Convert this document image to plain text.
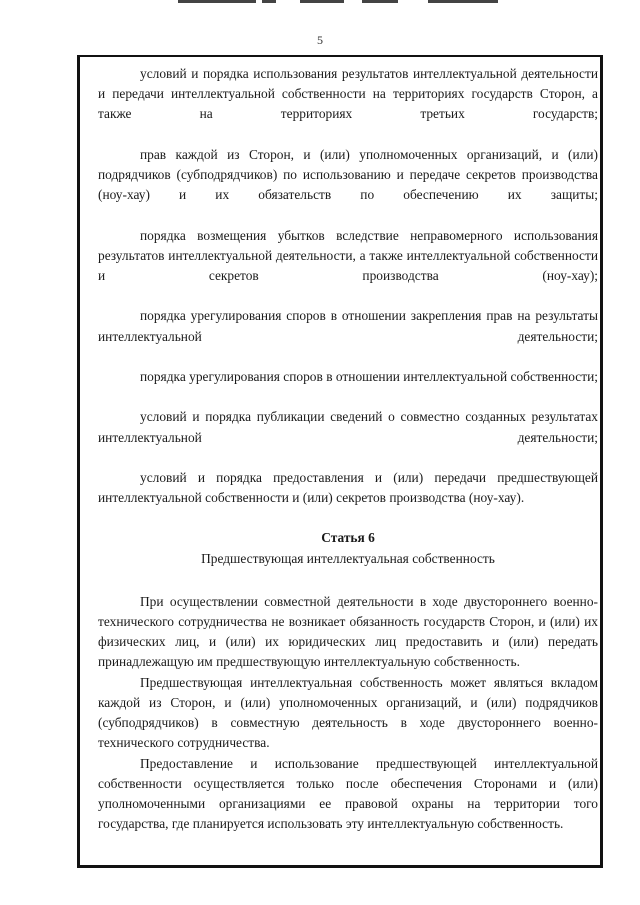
5

условий и порядка использования результатов интеллектуальной деятельности и передачи интеллектуальной собственности на территориях государств Сторон, а также на территориях третьих государств;

прав каждой из Сторон, и (или) уполномоченных организаций, и (или) подрядчиков (субподрядчиков) по использованию и передаче секретов производства (ноу-хау) и их обязательств по обеспечению их защиты;

порядка возмещения убытков вследствие неправомерного использования результатов интеллектуальной деятельности, а также интеллектуальной собственности и секретов производства (ноу-хау);

порядка урегулирования споров в отношении закрепления прав на результаты интеллектуальной деятельности;

порядка урегулирования споров в отношении интеллектуальной собственности;

условий и порядка публикации сведений о совместно созданных результатах интеллектуальной деятельности;

условий и порядка предоставления и (или) передачи предшествующей интеллектуальной собственности и (или) секретов производства (ноу-хау).

Статья 6

Предшествующая интеллектуальная собственность

При осуществлении совместной деятельности в ходе двустороннего военно-технического сотрудничества не возникает обязанность государств Сторон, и (или) их физических лиц, и (или) их юридических лиц предоставить и (или) передать принадлежащую им предшествующую интеллектуальную собственность.

Предшествующая интеллектуальная собственность может являться вкладом каждой из Сторон, и (или) уполномоченных организаций, и (или) подрядчиков (субподрядчиков) в совместную деятельность в ходе двустороннего военно-технического сотрудничества.

Предоставление и использование предшествующей интеллектуальной собственности осуществляется только после обеспечения Сторонами и (или) уполномоченными организациями ее правовой охраны на территории того государства, где планируется использовать эту интеллектуальную собственность.
